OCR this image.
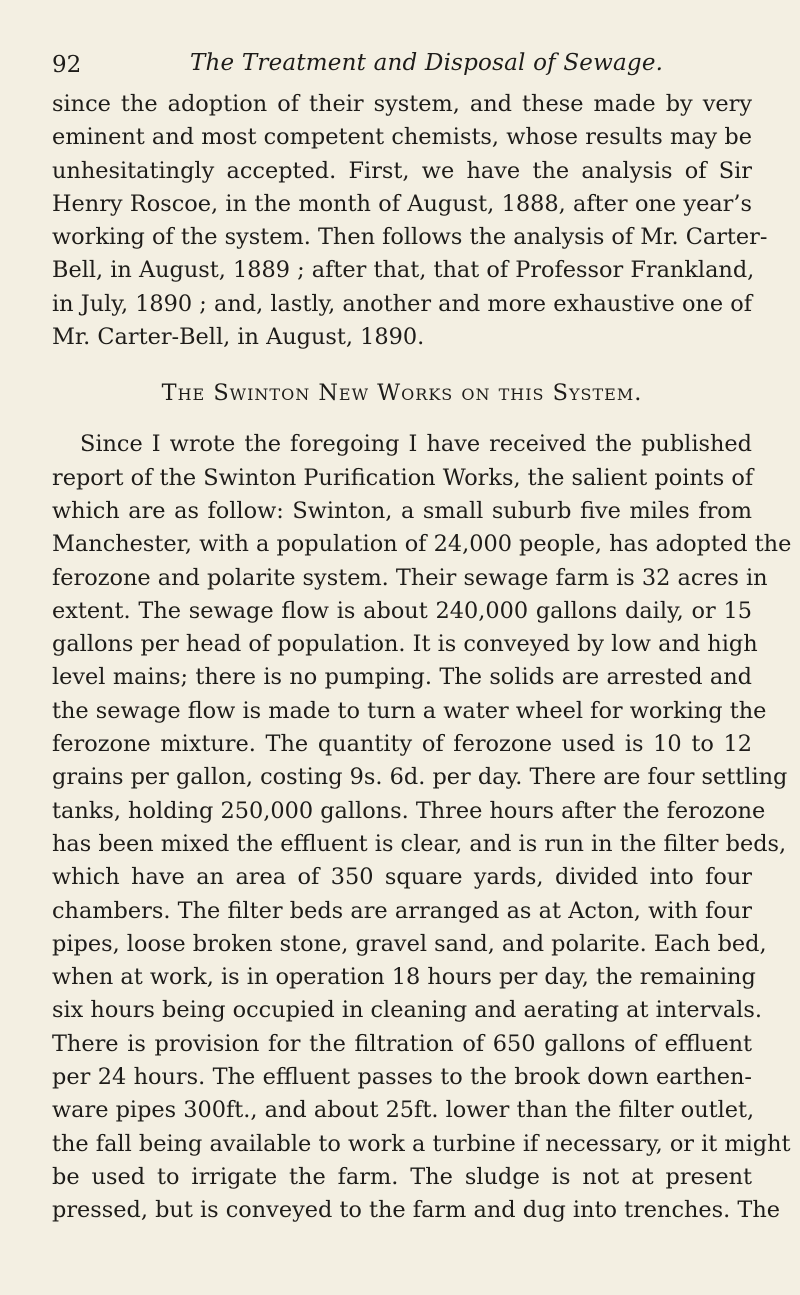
92	The Treatment and Disposal of Sewage.
since the adoption of their system, and these made by very
eminent and most competent chemists, whose results may be
unhesitatingly accepted. First, we have the analysis of Sir
Henry Roscoe, in the month of August, 1888, after one year’s
working of the system. Then follows the analysis of Mr. Carter-
Bell, in August, 1889 ; after that, that of Professor Frankland,
in July, 1890 ; and, lastly, another and more exhaustive one of
Mr. Carter-Bell, in August, 1890.
The Swinton New Works on this System.
Since I wrote the foregoing I have received the published
report of the Swinton Purification Works, the salient points of
which are as follow: Swinton, a small suburb five miles from
Manchester, with a population of 24,000 people, has adopted the
ferozone and polarite system. Their sewage farm is 32 acres in
extent. The sewage flow is about 240,000 gallons daily, or 15
gallons per head of population. It is conveyed by low and high
level mains; there is no pumping. The solids are arrested and
the sewage flow is made to turn a water wheel for working the
ferozone mixture. The quantity of ferozone used is 10 to 12
grains per gallon, costing 9s. 6d. per day. There are four settling
tanks, holding 250,000 gallons. Three hours after the ferozone
has been mixed the effluent is clear, and is run in the filter beds,
which have an area of 350 square yards, divided into four
chambers. The filter beds are arranged as at Acton, with four
pipes, loose broken stone, gravel sand, and polarite. Each bed,
when at work, is in operation 18 hours per day, the remaining
six hours being occupied in cleaning and aerating at intervals.
There is provision for the filtration of 650 gallons of effluent
per 24 hours. The effluent passes to the brook down earthen-
ware pipes 300ft., and about 25ft. lower than the filter outlet,
the fall being available to work a turbine if necessary, or it might
be used to irrigate the farm. The sludge is not at present
pressed, but is conveyed to the farm and dug into trenches. The
